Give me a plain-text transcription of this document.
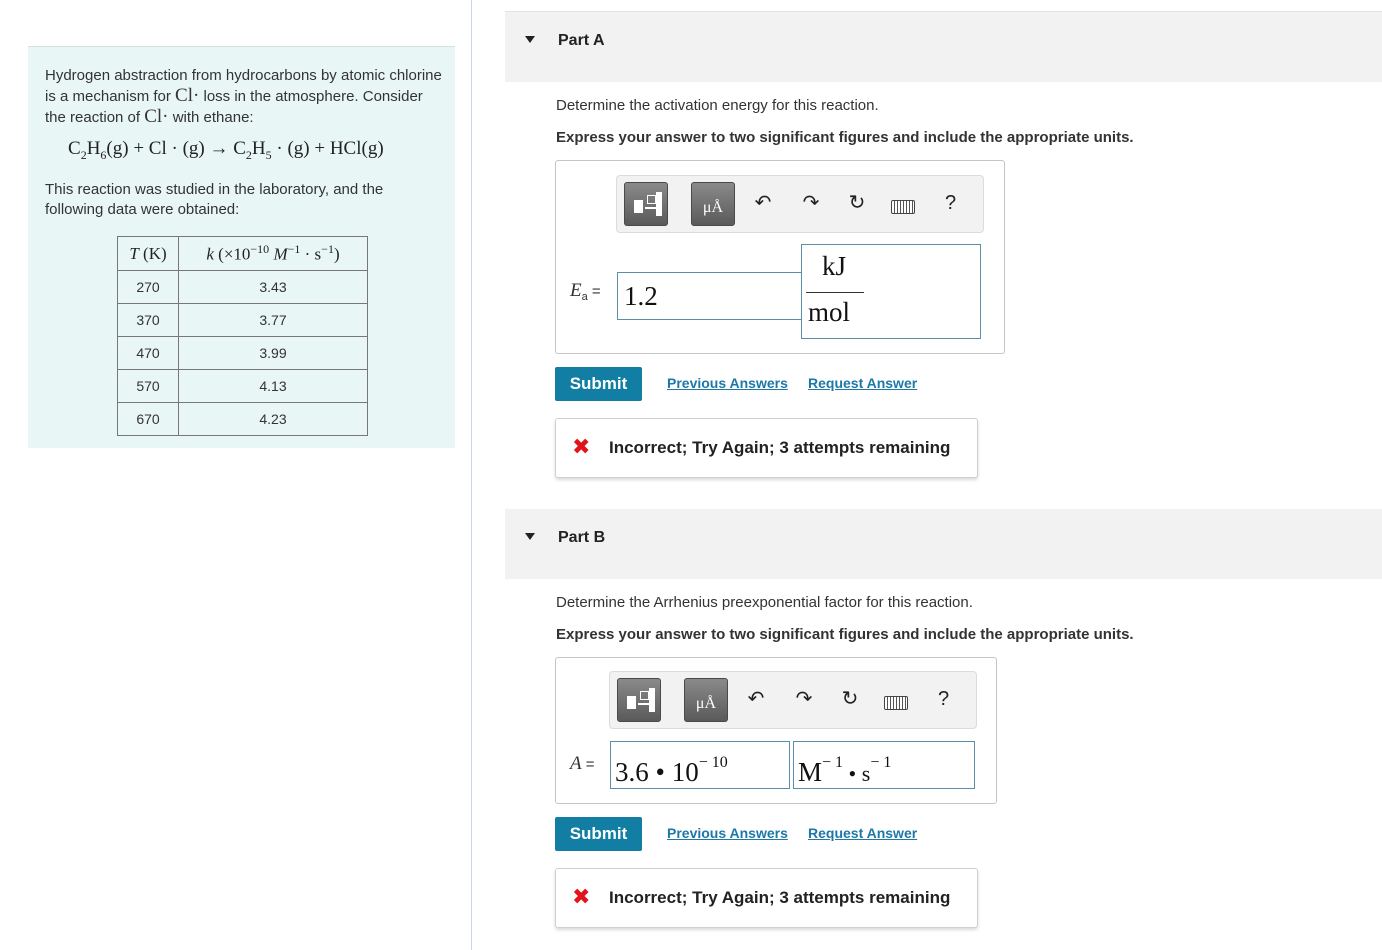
Hydrogen abstraction from hydrocarbons by atomic chlorine is a mechanism for Cl· loss in the atmosphere. Consider the reaction of Cl· with ethane:
$C_2H_6(g) + Cl \cdot (g) \to C_2H_5 \cdot (g) + HCl(g)$
This reaction was studied in the laboratory, and the following data were obtained:
T (K)	k ($\times 10^{-10}$ $M^{-1} \cdot s^{-1}$)
270	3.43
370	3.77
470	3.99
570	4.13
670	4.23
Part A
Determine the activation energy for this reaction.
Express your answer to two significant figures and include the appropriate units.
μÅ	↶ ↷ ↻	?
$E_a = 1.2$
kJ
mol
Submit	Previous Answers Request Answer
✖ Incorrect; Try Again; 3 attempts remaining
Part B
Determine the Arrhenius preexponential factor for this reaction.
Express your answer to two significant figures and include the appropriate units.
μÅ	↶ ↷ ↻	?
A = 3.6 • $10^{- 10}$	$M^{- 1}$ • $s^{- 1}$
Submit	Previous Answers Request Answer
✖ Incorrect; Try Again; 3 attempts remaining
